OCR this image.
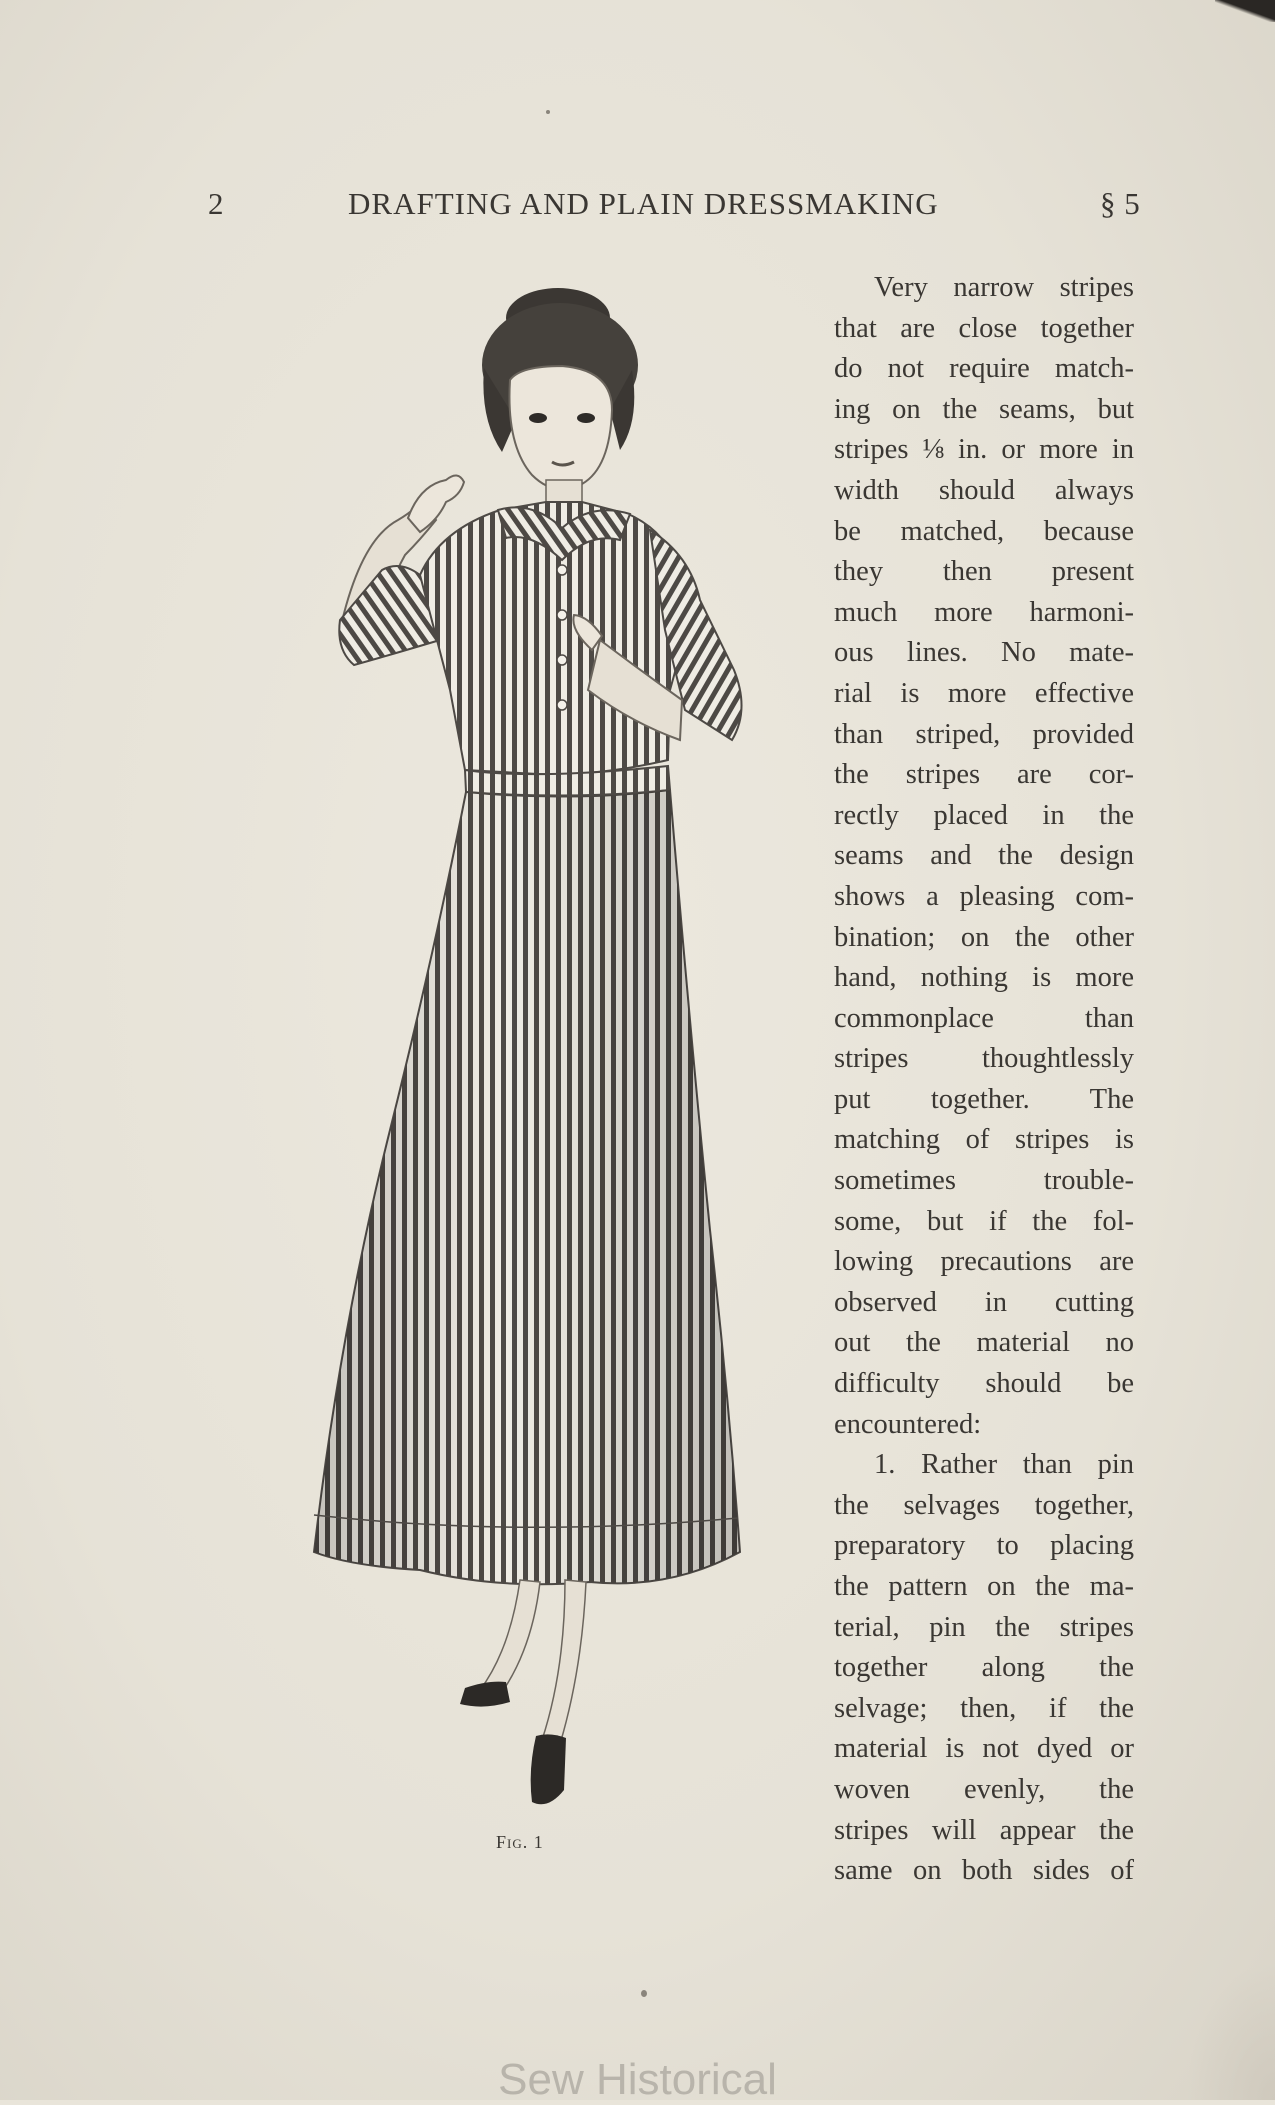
2	DRAFTING AND PLAIN DRESSMAKING	§ 5
Fig. 1
Very narrow stripes
that are close together
do not require match-
ing on the seams, but
stripes ⅛ in. or more in
width should always
be matched, because
they then present
much more harmoni-
ous lines. No mate-
rial is more effective
than striped, provided
the stripes are cor-
rectly placed in the
seams and the design
shows a pleasing com-
bination; on the other
hand, nothing is more
commonplace than
stripes thoughtlessly
put together. The
matching of stripes is
sometimes trouble-
some, but if the fol-
lowing precautions are
observed in cutting
out the material no
difficulty should be
encountered:
1. Rather than pin
the selvages together,
preparatory to placing
the pattern on the ma-
terial, pin the stripes
together along the
selvage; then, if the
material is not dyed or
woven evenly, the
stripes will appear the
same on both sides of
Sew Historical
